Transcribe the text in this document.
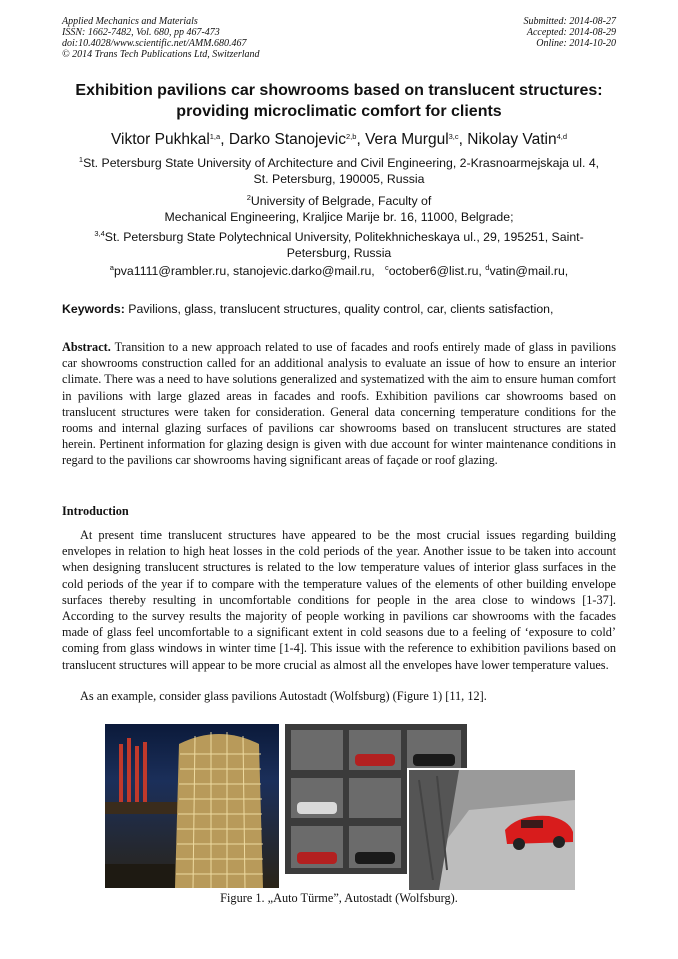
Applied Mechanics and Materials
ISSN: 1662-7482, Vol. 680, pp 467-473
doi:10.4028/www.scientific.net/AMM.680.467
© 2014 Trans Tech Publications Ltd, Switzerland
Submitted: 2014-08-27
Accepted: 2014-08-29
Online: 2014-10-20
Exhibition pavilions car showrooms based on translucent structures:
providing microclimatic comfort for clients
Viktor Pukhkal$^{1,a}$, Darko Stanojevic$^{2,b}$, Vera Murgul$^{3,c}$, Nikolay Vatin$^{4,d}$
$^1$St. Petersburg State University of Architecture and Civil Engineering, 2-Krasnoarmejskaja ul. 4,
St. Petersburg, 190005, Russia
$^2$University of Belgrade, Faculty of
Mechanical Engineering, Kraljice Marije br. 16, 11000, Belgrade;
$^{3,4}$St. Petersburg State Polytechnical University, Politekhnicheskaya ul., 29, 195251, Saint-
Petersburg, Russia
$^a$pva1111@rambler.ru, stanojevic.darko@mail.ru, $^c$october6@list.ru, $^d$vatin@mail.ru,
Keywords: Pavilions, glass, translucent structures, quality control, car, clients satisfaction,
Abstract. Transition to a new approach related to use of facades and roofs entirely made of glass in pavilions car showrooms construction called for an additional analysis to evaluate an issue of how to ensure an interior climate. There was a need to have solutions generalized and systematized with the aim to ensure human comfort in pavilions with large glazed areas in facades and roofs. Exhibition pavilions car showrooms based on translucent structures were taken for consideration. General data concerning temperature conditions for the rooms and internal glazing surfaces of pavilions car showrooms based on translucent structures are stated herein. Pertinent information for glazing design is given with due account for winter maintenance conditions in regard to the pavilions car showrooms having significant areas of façade or roof glazing.
Introduction
At present time translucent structures have appeared to be the most crucial issues regarding building envelopes in relation to high heat losses in the cold periods of the year. Another issue to be taken into account when designing translucent structures is related to the low temperature values of interior glass surfaces in the cold periods of the year if to compare with the temperature values of the elements of other building envelope surfaces thereby resulting in uncomfortable conditions for people in the area close to windows [1-37]. According to the survey results the majority of people working in pavilions car showrooms with the facades made of glass feel uncomfortable to a significant extent in cold seasons due to a feeling of ‘exposure to cold’ coming from glass windows in winter time [1-4]. This issue with the reference to exhibition pavilions based on translucent structures will appear to be more crucial as almost all the envelopes have lower temperature values.
As an example, consider glass pavilions Autostadt (Wolfsburg) (Figure 1) [11, 12].
Figure 1. „Auto Türme”, Autostadt (Wolfsburg).
